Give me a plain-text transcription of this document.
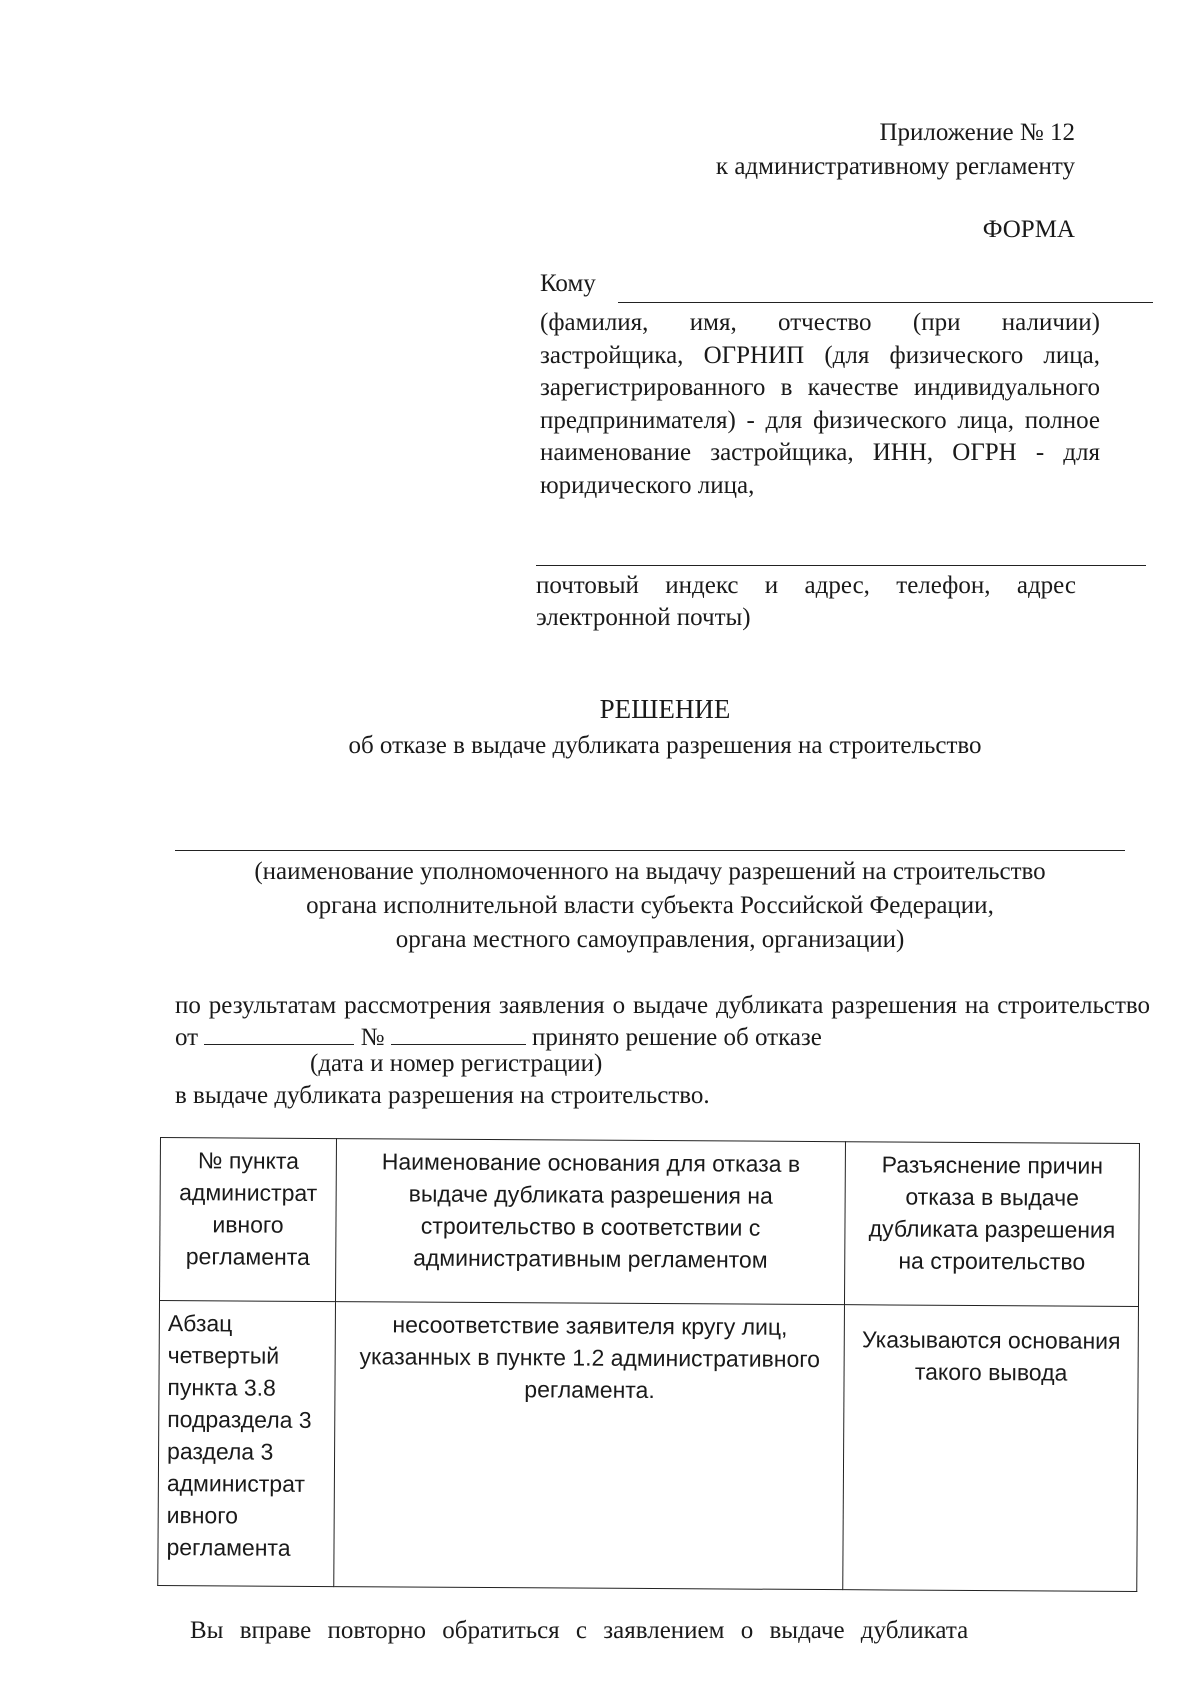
Приложение № 12
к административному регламенту
ФОРМА
Кому
(фамилия, имя, отчество (при наличии) застройщика, ОГРНИП (для физического лица, зарегистрированного в качестве индивидуального предпринимателя) - для физического лица, полное наименование застройщика, ИНН, ОГРН - для юридического лица,
почтовый индекс и адрес, телефон, адрес электронной почты)
РЕШЕНИЕ
об отказе в выдаче дубликата разрешения на строительство
(наименование уполномоченного на выдачу разрешений на строительство
органа исполнительной власти субъекта Российской Федерации,
органа местного самоуправления, организации)
по результатам рассмотрения заявления о выдаче дубликата разрешения на строительство от	№	принято решение об отказе
(дата и номер регистрации)
в выдаче дубликата разрешения на строительство.
№ пункта администрат ивного регламента	Наименование основания для отказа в выдаче дубликата разрешения на строительство в соответствии с административным регламентом	Разъяснение причин отказа в выдаче дубликата разрешения на строительство
Абзац четвертый пункта 3.8 подраздела 3 раздела 3 администрат ивного регламента	несоответствие заявителя кругу лиц, указанных в пункте 1.2 административного регламента.	Указываются основания такого вывода
Вы вправе повторно обратиться с заявлением о выдаче дубликата
